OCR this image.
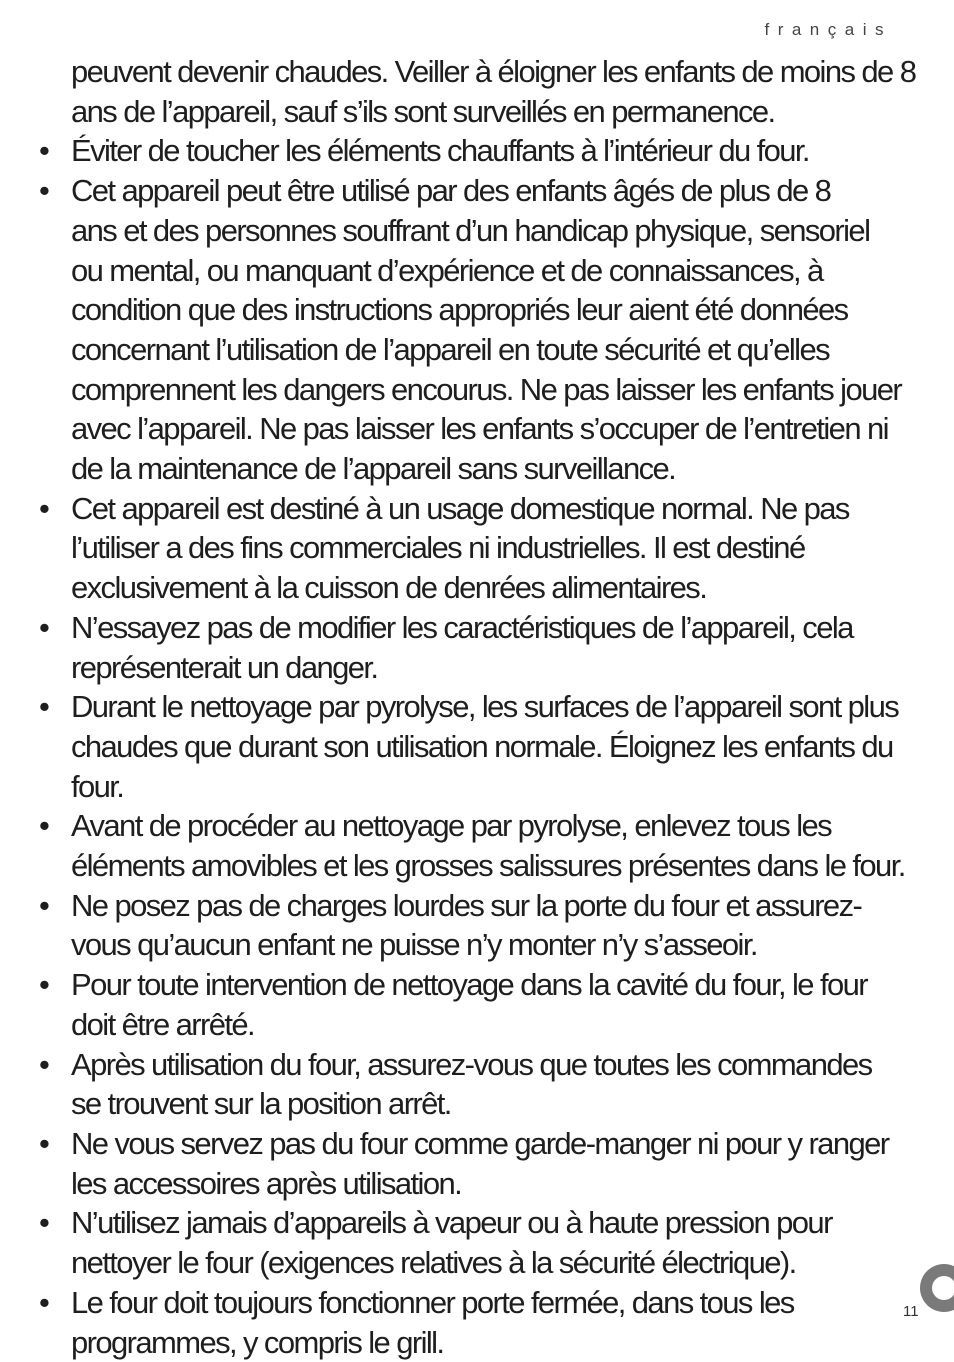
français
peuvent devenir chaudes. Veiller à éloigner les enfants de moins de 8
ans de l’appareil, sauf s’ils sont surveillés en permanence.
• Éviter de toucher les éléments chauffants à l’intérieur du four.
• Cet appareil peut être utilisé par des enfants âgés de plus de 8
ans et des personnes souffrant d’un handicap physique, sensoriel
ou mental, ou manquant d’expérience et de connaissances, à
condition que des instructions appropriés leur aient été données
concernant l’utilisation de l’appareil en toute sécurité et qu’elles
comprennent les dangers encourus. Ne pas laisser les enfants jouer
avec l’appareil. Ne pas laisser les enfants s’occuper de l’entretien ni
de la maintenance de l’appareil sans surveillance.
• Cet appareil est destiné à un usage domestique normal. Ne pas
l’utiliser a des fins commerciales ni industrielles. Il est destiné
exclusivement à la cuisson de denrées alimentaires.
• N’essayez pas de modifier les caractéristiques de l’appareil, cela
représenterait un danger.
• Durant le nettoyage par pyrolyse, les surfaces de l’appareil sont plus
chaudes que durant son utilisation normale. Éloignez les enfants du four.
• Avant de procéder au nettoyage par pyrolyse, enlevez tous les
éléments amovibles et les grosses salissures présentes dans le four.
• Ne posez pas de charges lourdes sur la porte du four et assurez-
vous qu’aucun enfant ne puisse n’y monter n’y s’asseoir.
• Pour toute intervention de nettoyage dans la cavité du four, le four
doit être arrêté.
• Après utilisation du four, assurez-vous que toutes les commandes
se trouvent sur la position arrêt.
• Ne vous servez pas du four comme garde-manger ni pour y ranger
les accessoires après utilisation.
• N’utilisez jamais d’appareils à vapeur ou à haute pression pour
nettoyer le four (exigences relatives à la sécurité électrique).
• Le four doit toujours fonctionner porte fermée, dans tous les
programmes, y compris le grill.
11
